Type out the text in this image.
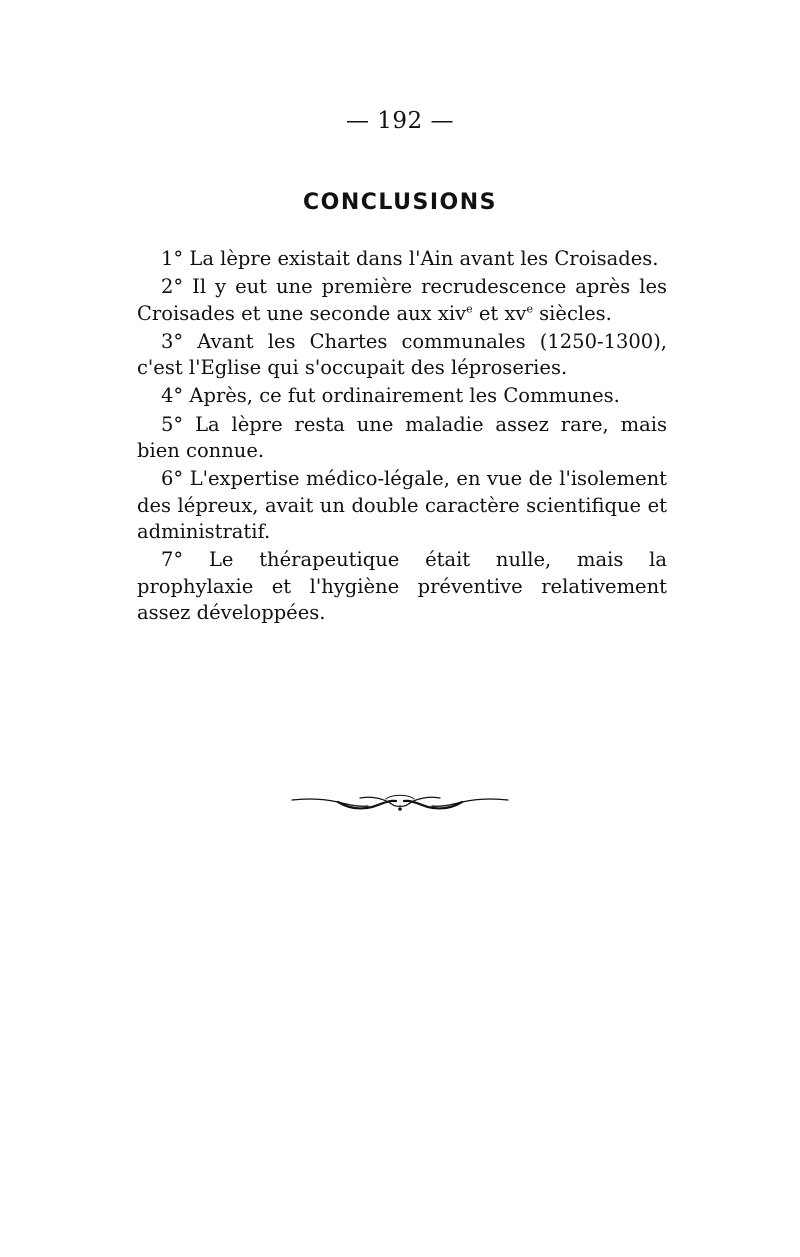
— 192 —
CONCLUSIONS

1° La lèpre existait dans l'Ain avant les Croisades.

2° Il y eut une première recrudescence après les Croisades et une seconde aux xiv$^e$ et $xv^e$ siècles.

3° Avant les Chartes communales (1250-1300), c'est l'Eglise qui s'occupait des léproseries.

4° Après, ce fut ordinairement les Communes.

5° La lèpre resta une maladie assez rare, mais bien connue.

6° L'expertise médico-légale, en vue de l'isolement des lépreux, avait un double caractère scientifique et administratif.

7° Le thérapeutique était nulle, mais la prophylaxie et l'hygiène préventive relativement assez développées.
